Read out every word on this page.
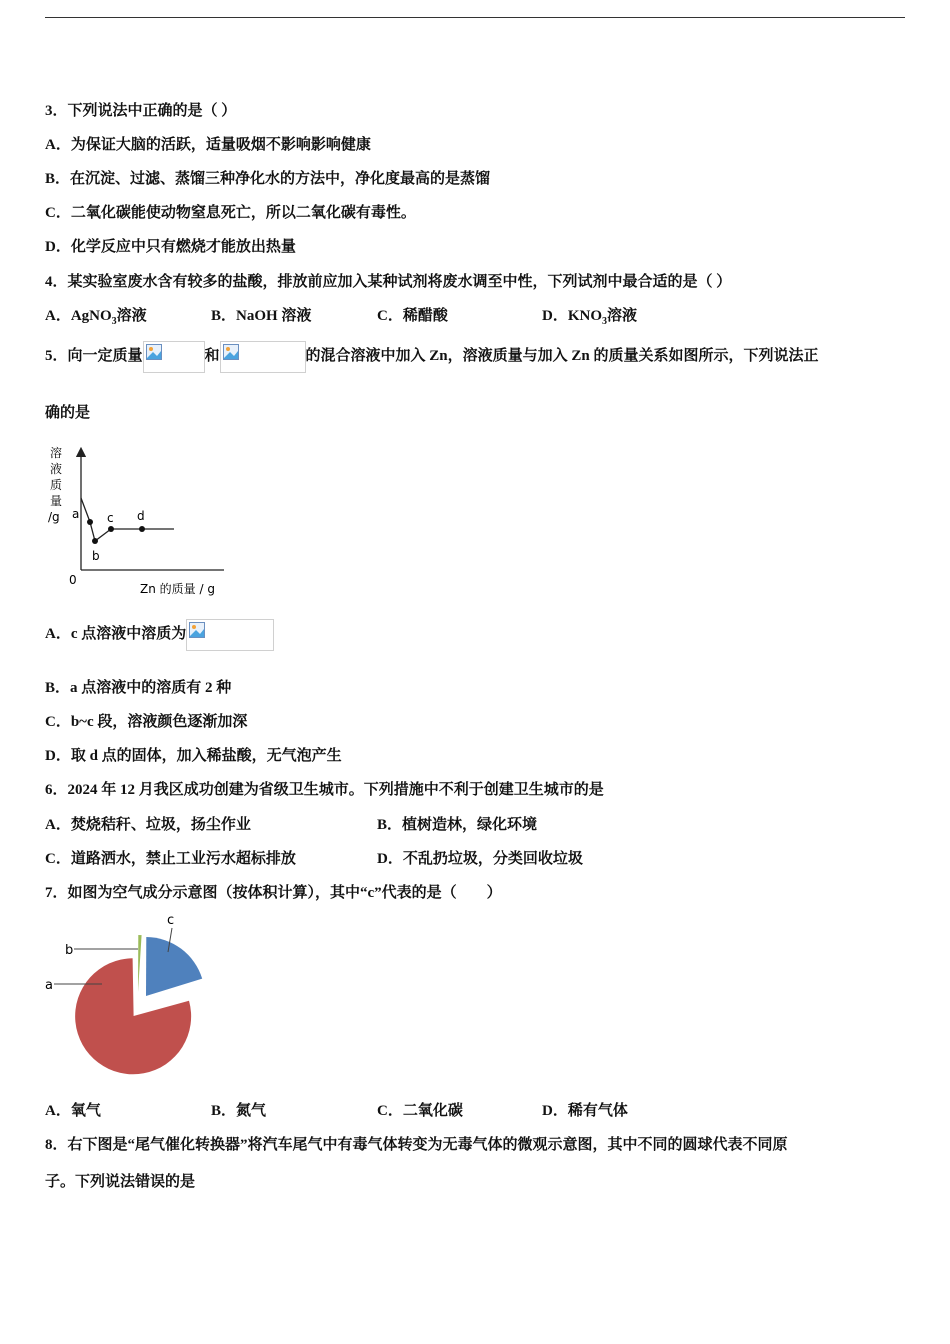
3．下列说法中正确的是（ ）
A．为保证大脑的活跃，适量吸烟不影响影响健康
B．在沉淀、过滤、蒸馏三种净化水的方法中，净化度最高的是蒸馏
C．二氧化碳能使动物窒息死亡，所以二氧化碳有毒性。
D．化学反应中只有燃烧才能放出热量
4．某实验室废水含有较多的盐酸，排放前应加入某种试剂将废水调至中性，下列试剂中最合适的是（ ）
A．AgNO$_3$溶液	B．NaOH 溶液	C．稀醋酸	D．$KNO_3$溶液
5．向一定质量	和	的混合溶液中加入 Zn，溶液质量与加入 Zn 的质量关系如图所示，下列说法正
确的是
溶
液
质
量
/g
0
Zn 的质量 / g
a
b
c d
A．c 点溶液中溶质为
B．a 点溶液中的溶质有 2 种
C．b~c 段，溶液颜色逐渐加深
D．取 d 点的固体，加入稀盐酸，无气泡产生
6．2024 年 12 月我区成功创建为省级卫生城市。下列措施中不利于创建卫生城市的是
A．焚烧秸秆、垃圾，扬尘作业	B．植树造林，绿化环境
C．道路洒水，禁止工业污水超标排放	D．不乱扔垃圾，分类回收垃圾
7．如图为空气成分示意图（按体积计算），其中“c”代表的是（　　）
a
b
c
A．氧气	B．氮气	C．二氧化碳	D．稀有气体
8．右下图是“尾气催化转换器”将汽车尾气中有毒气体转变为无毒气体的微观示意图，其中不同的圆球代表不同原
子。下列说法错误的是
